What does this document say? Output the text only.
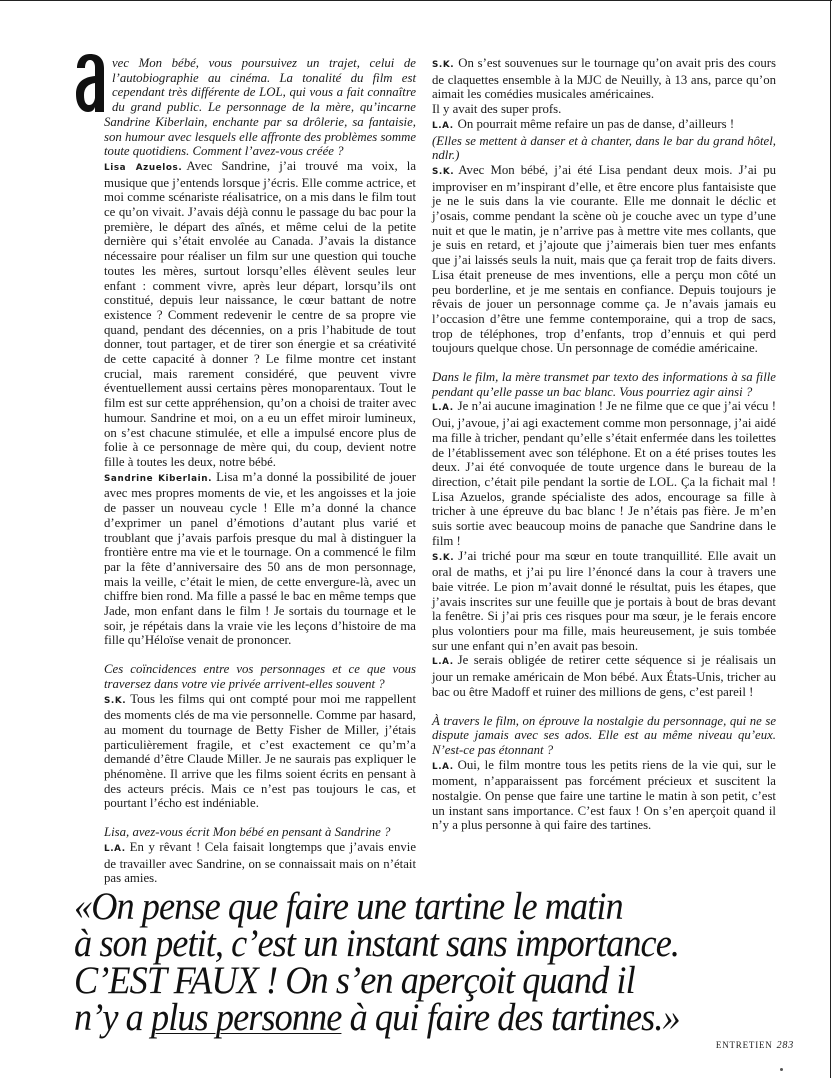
vec Mon bébé, vous poursuivez un trajet, celui de l’autobiographie au cinéma. La tonalité du film est cependant très différente de LOL, qui vous a fait connaître du grand public. Le personnage de la mère, qu’incarne Sandrine Kiberlain, enchante par sa drôlerie, sa fantaisie, son humour avec lesquels elle affronte des problèmes somme toute quotidiens. Comment l’avez-vous créée ?

Lisa Azuelos. Avec Sandrine, j’ai trouvé ma voix, la musique que j’entends lorsque j’écris. Elle comme actrice, et moi comme scénariste réalisatrice, on a mis dans le film tout ce qu’on vivait. J’avais déjà connu le passage du bac pour la première, le départ des aînés, et même celui de la petite dernière qui s’était envolée au Canada. J’avais la distance nécessaire pour réaliser un film sur une question qui touche toutes les mères, surtout lorsqu’elles élèvent seules leur enfant : comment vivre, après leur départ, lorsqu’ils ont constitué, depuis leur naissance, le cœur battant de notre existence ? Comment redevenir le centre de sa propre vie quand, pendant des décennies, on a pris l’habitude de tout donner, tout partager, et de tirer son énergie et sa créativité de cette capacité à donner ? Le filme montre cet instant crucial, mais rarement considéré, que peuvent vivre éventuellement aussi certains pères monoparentaux. Tout le film est sur cette appréhension, qu’on a choisi de traiter avec humour. Sandrine et moi, on a eu un effet miroir lumineux, on s’est chacune stimulée, et elle a impulsé encore plus de folie à ce personnage de mère qui, du coup, devient notre fille à toutes les deux, notre bébé.

Sandrine Kiberlain. Lisa m’a donné la possibilité de jouer avec mes propres moments de vie, et les angoisses et la joie de passer un nouveau cycle ! Elle m’a donné la chance d’exprimer un panel d’émotions d’autant plus varié et troublant que j’avais parfois presque du mal à distinguer la frontière entre ma vie et le tournage. On a commencé le film par la fête d’anniversaire des 50 ans de mon personnage, mais la veille, c’était le mien, de cette envergure-là, avec un chiffre bien rond. Ma fille a passé le bac en même temps que Jade, mon enfant dans le film ! Je sortais du tournage et le soir, je répétais dans la vraie vie les leçons d’histoire de ma fille qu’Héloïse venait de prononcer.

Ces coïncidences entre vos personnages et ce que vous traversez dans votre vie privée arrivent-elles souvent ?

S.K. Tous les films qui ont compté pour moi me rappellent des moments clés de ma vie personnelle. Comme par hasard, au moment du tournage de Betty Fisher de Miller, j’étais particulièrement fragile, et c’est exactement ce qu’m’a demandé d’être Claude Miller. Je ne saurais pas expliquer le phénomène. Il arrive que les films soient écrits en pensant à des acteurs précis. Mais ce n’est pas toujours le cas, et pourtant l’écho est indéniable.

Lisa, avez-vous écrit Mon bébé en pensant à Sandrine ?

L.A. En y rêvant ! Cela faisait longtemps que j’avais envie de travailler avec Sandrine, on se connaissait mais on n’était pas amies.

S.K. On s’est souvenues sur le tournage qu’on avait pris des cours de claquettes ensemble à la MJC de Neuilly, à 13 ans, parce qu’on aimait les comédies musicales américaines.

Il y avait des super profs.

L.A. On pourrait même refaire un pas de danse, d’ailleurs !

(Elles se mettent à danser et à chanter, dans le bar du grand hôtel, ndlr.)

S.K. Avec Mon bébé, j’ai été Lisa pendant deux mois. J’ai pu improviser en m’inspirant d’elle, et être encore plus fantaisiste que je ne le suis dans la vie courante. Elle me donnait le déclic et j’osais, comme pendant la scène où je couche avec un type d’une nuit et que le matin, je n’arrive pas à mettre vite mes collants, que je suis en retard, et j’ajoute que j’aimerais bien tuer mes enfants que j’ai laissés seuls la nuit, mais que ça ferait trop de faits divers. Lisa était preneuse de mes inventions, elle a perçu mon côté un peu borderline, et je me sentais en confiance. Depuis toujours je rêvais de jouer un personnage comme ça. Je n’avais jamais eu l’occasion d’être une femme contemporaine, qui a trop de sacs, trop de téléphones, trop d’enfants, trop d’ennuis et qui perd toujours quelque chose. Un personnage de comédie américaine.

Dans le film, la mère transmet par texto des informations à sa fille pendant qu’elle passe un bac blanc. Vous pourriez agir ainsi ?

L.A. Je n’ai aucune imagination ! Je ne filme que ce que j’ai vécu ! Oui, j’avoue, j’ai agi exactement comme mon personnage, j’ai aidé ma fille à tricher, pendant qu’elle s’était enfermée dans les toilettes de l’établissement avec son téléphone. Et on a été prises toutes les deux. J’ai été convoquée de toute urgence dans le bureau de la direction, c’était pile pendant la sortie de LOL. Ça la fichait mal ! Lisa Azuelos, grande spécialiste des ados, encourage sa fille à tricher à une épreuve du bac blanc ! Je n’étais pas fière. Je m’en suis sortie avec beaucoup moins de panache que Sandrine dans le film !

S.K. J’ai triché pour ma sœur en toute tranquillité. Elle avait un oral de maths, et j’ai pu lire l’énoncé dans la cour à travers une baie vitrée. Le pion m’avait donné le résultat, puis les étapes, que j’avais inscrites sur une feuille que je portais à bout de bras devant la fenêtre. Si j’ai pris ces risques pour ma sœur, je le ferais encore plus volontiers pour ma fille, mais heureusement, je suis tombée sur une enfant qui n’en avait pas besoin.

L.A. Je serais obligée de retirer cette séquence si je réalisais un jour un remake américain de Mon bébé. Aux États-Unis, tricher au bac ou être Madoff et ruiner des millions de gens, c’est pareil !

À travers le film, on éprouve la nostalgie du personnage, qui ne se dispute jamais avec ses ados. Elle est au même niveau qu’eux. N’est-ce pas étonnant ?

L.A. Oui, le film montre tous les petits riens de la vie qui, sur le moment, n’apparaissent pas forcément précieux et suscitent la nostalgie. On pense que faire une tartine le matin à son petit, c’est un instant sans importance. C’est faux ! On s’en aperçoit quand il n’y a plus personne à qui faire des tartines.

«On pense que faire une tartine le matin
à son petit, c’est un instant sans importance.
C’EST FAUX ! On s’en aperçoit quand il
n’y a plus personne à qui faire des tartines.»
ENTRETIEN 283
